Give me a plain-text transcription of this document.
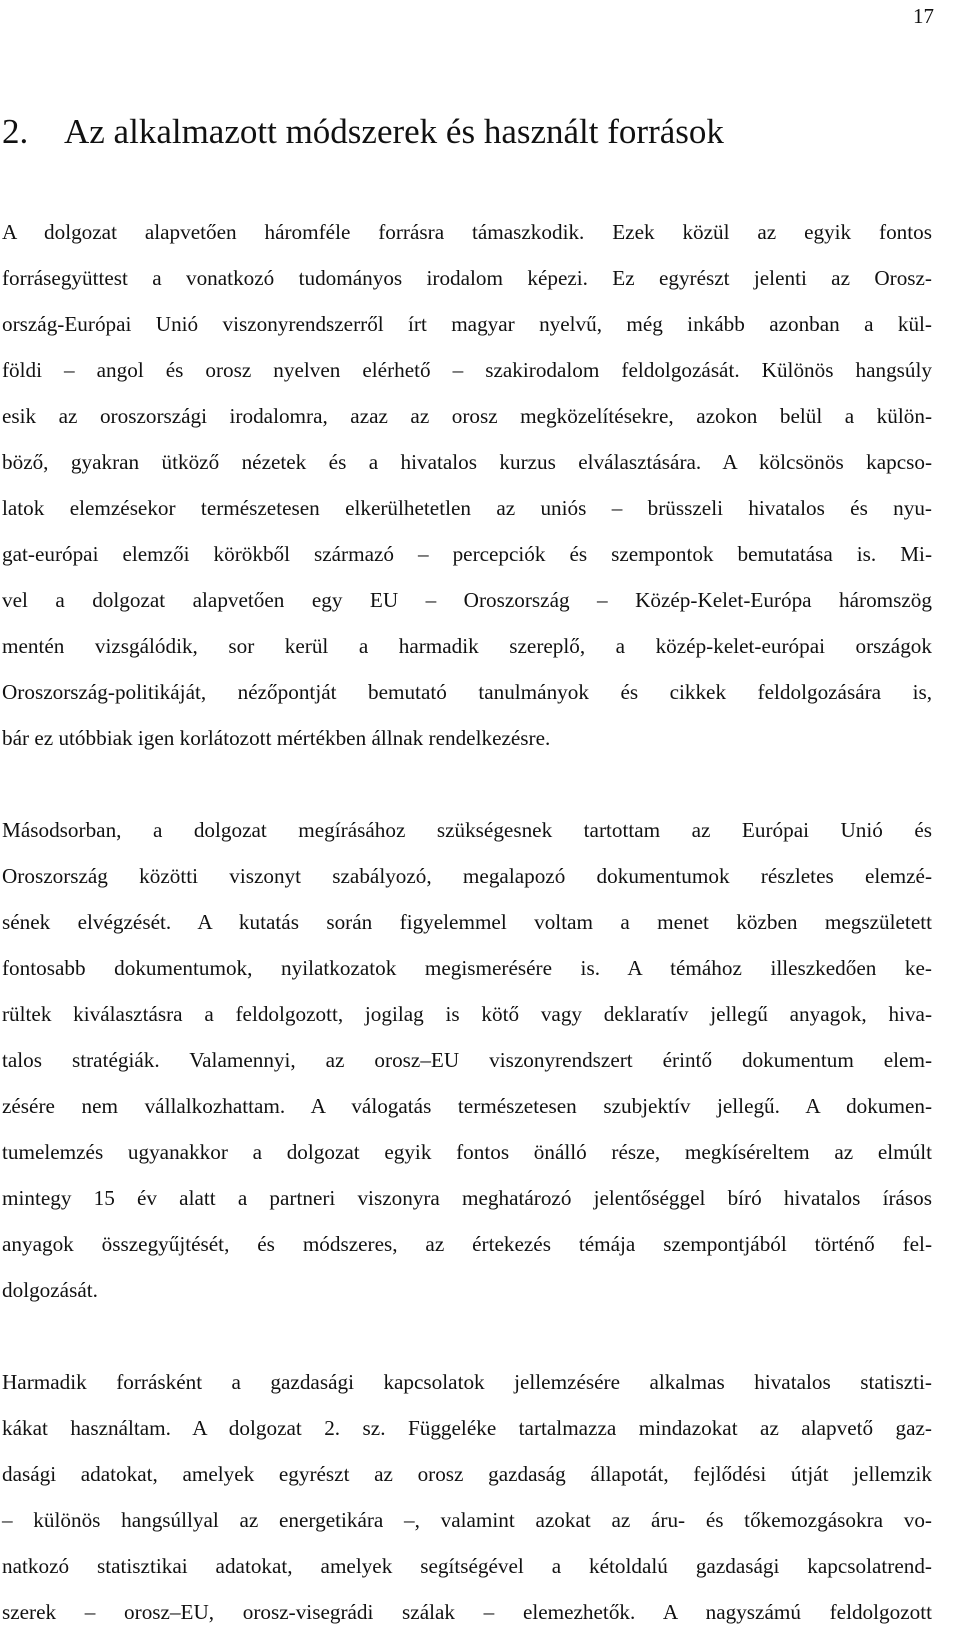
17
2. Az alkalmazott módszerek és használt források

A dolgozat alapvetően háromféle forrásra támaszkodik. Ezek közül az egyik fontos

forrásegyüttest a vonatkozó tudományos irodalom képezi. Ez egyrészt jelenti az Orosz-

ország-Európai Unió viszonyrendszerről írt magyar nyelvű, még inkább azonban a kül-

földi – angol és orosz nyelven elérhető – szakirodalom feldolgozását. Különös hangsúly

esik az oroszországi irodalomra, azaz az orosz megközelítésekre, azokon belül a külön-

böző, gyakran ütköző nézetek és a hivatalos kurzus elválasztására. A kölcsönös kapcso-

latok elemzésekor természetesen elkerülhetetlen az uniós – brüsszeli hivatalos és nyu-

gat-európai elemzői körökből származó – percepciók és szempontok bemutatása is. Mi-

vel a dolgozat alapvetően egy EU – Oroszország – Közép-Kelet-Európa háromszög

mentén vizsgálódik, sor kerül a harmadik szereplő, a közép-kelet-európai országok

Oroszország-politikáját, nézőpontját bemutató tanulmányok és cikkek feldolgozására is,

bár ez utóbbiak igen korlátozott mértékben állnak rendelkezésre.

Másodsorban, a dolgozat megírásához szükségesnek tartottam az Európai Unió és

Oroszország közötti viszonyt szabályozó, megalapozó dokumentumok részletes elemzé-

sének elvégzését. A kutatás során figyelemmel voltam a menet közben megszületett

fontosabb dokumentumok, nyilatkozatok megismerésére is. A témához illeszkedően ke-

rültek kiválasztásra a feldolgozott, jogilag is kötő vagy deklaratív jellegű anyagok, hiva-

talos stratégiák. Valamennyi, az orosz–EU viszonyrendszert érintő dokumentum elem-

zésére nem vállalkozhattam. A válogatás természetesen szubjektív jellegű. A dokumen-

tumelemzés ugyanakkor a dolgozat egyik fontos önálló része, megkíséreltem az elmúlt

mintegy 15 év alatt a partneri viszonyra meghatározó jelentőséggel bíró hivatalos írásos

anyagok összegyűjtését, és módszeres, az értekezés témája szempontjából történő fel-

dolgozását.

Harmadik forrásként a gazdasági kapcsolatok jellemzésére alkalmas hivatalos statiszti-

kákat használtam. A dolgozat 2. sz. Függeléke tartalmazza mindazokat az alapvető gaz-

dasági adatokat, amelyek egyrészt az orosz gazdaság állapotát, fejlődési útját jellemzik

– különös hangsúllyal az energetikára –, valamint azokat az áru- és tőkemozgásokra vo-

natkozó statisztikai adatokat, amelyek segítségével a kétoldalú gazdasági kapcsolatrend-

szerek – orosz–EU, orosz-visegrádi szálak – elemezhetők. A nagyszámú feldolgozott
